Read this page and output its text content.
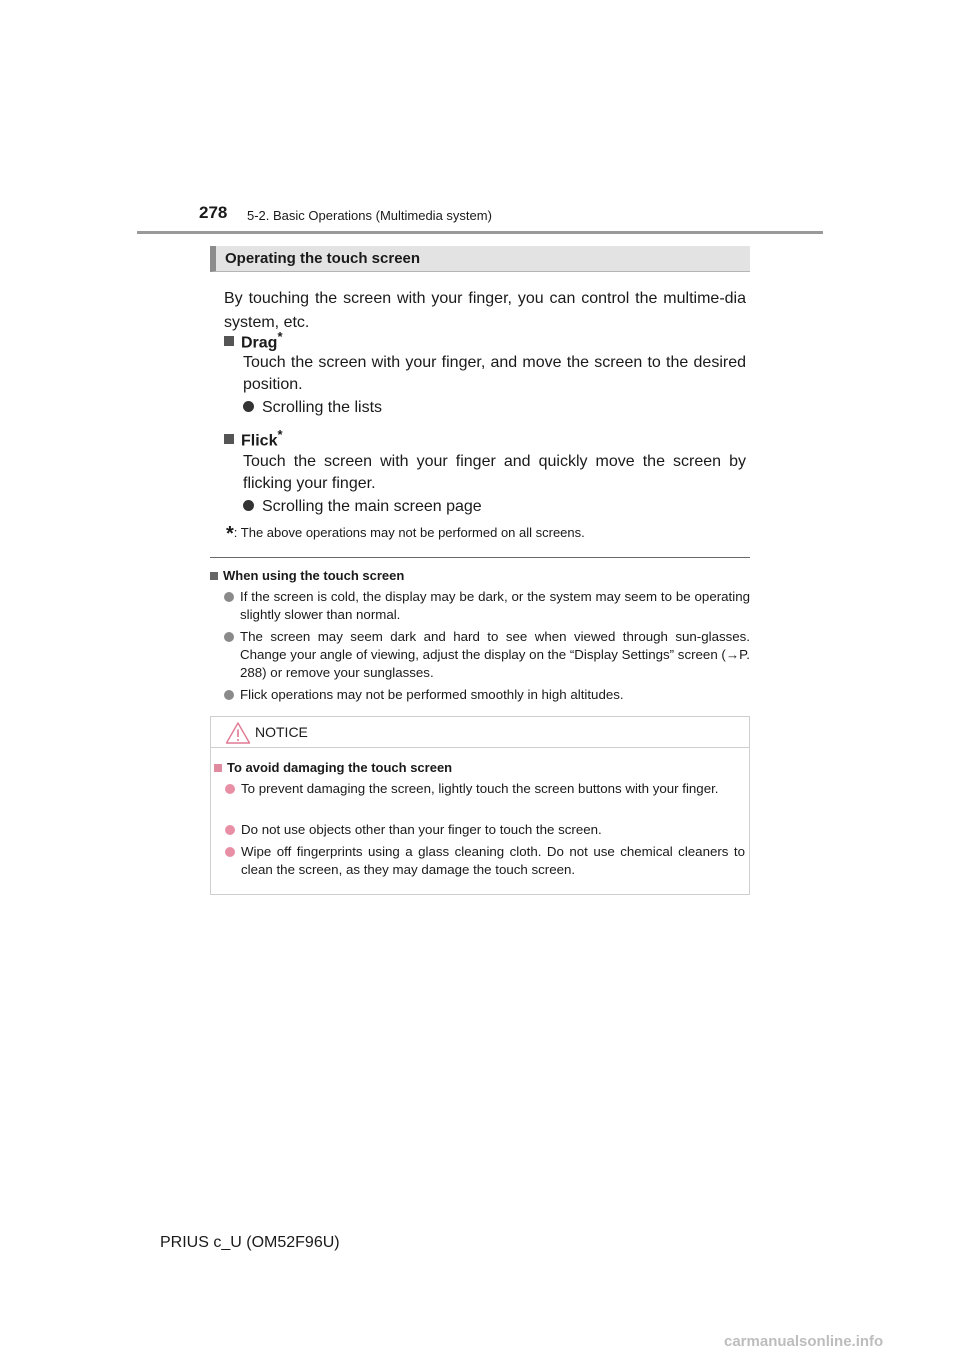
278 5-2. Basic Operations (Multimedia system)
Operating the touch screen
By touching the screen with your finger, you can control the multime-dia system, etc.
Drag*
Touch the screen with your finger, and move the screen to the desired position.
Scrolling the lists
Flick*
Touch the screen with your finger and quickly move the screen by flicking your finger.
Scrolling the main screen page
*: The above operations may not be performed on all screens.
When using the touch screen
If the screen is cold, the display may be dark, or the system may seem to be operating slightly slower than normal.
The screen may seem dark and hard to see when viewed through sun-glasses. Change your angle of viewing, adjust the display on the “Display Settings” screen (→P. 288) or remove your sunglasses.
Flick operations may not be performed smoothly in high altitudes.
NOTICE
To avoid damaging the touch screen
To prevent damaging the screen, lightly touch the screen buttons with your finger.
Do not use objects other than your finger to touch the screen.
Wipe off fingerprints using a glass cleaning cloth. Do not use chemical cleaners to clean the screen, as they may damage the touch screen.
PRIUS c_U (OM52F96U)
carmanualsonline.info
